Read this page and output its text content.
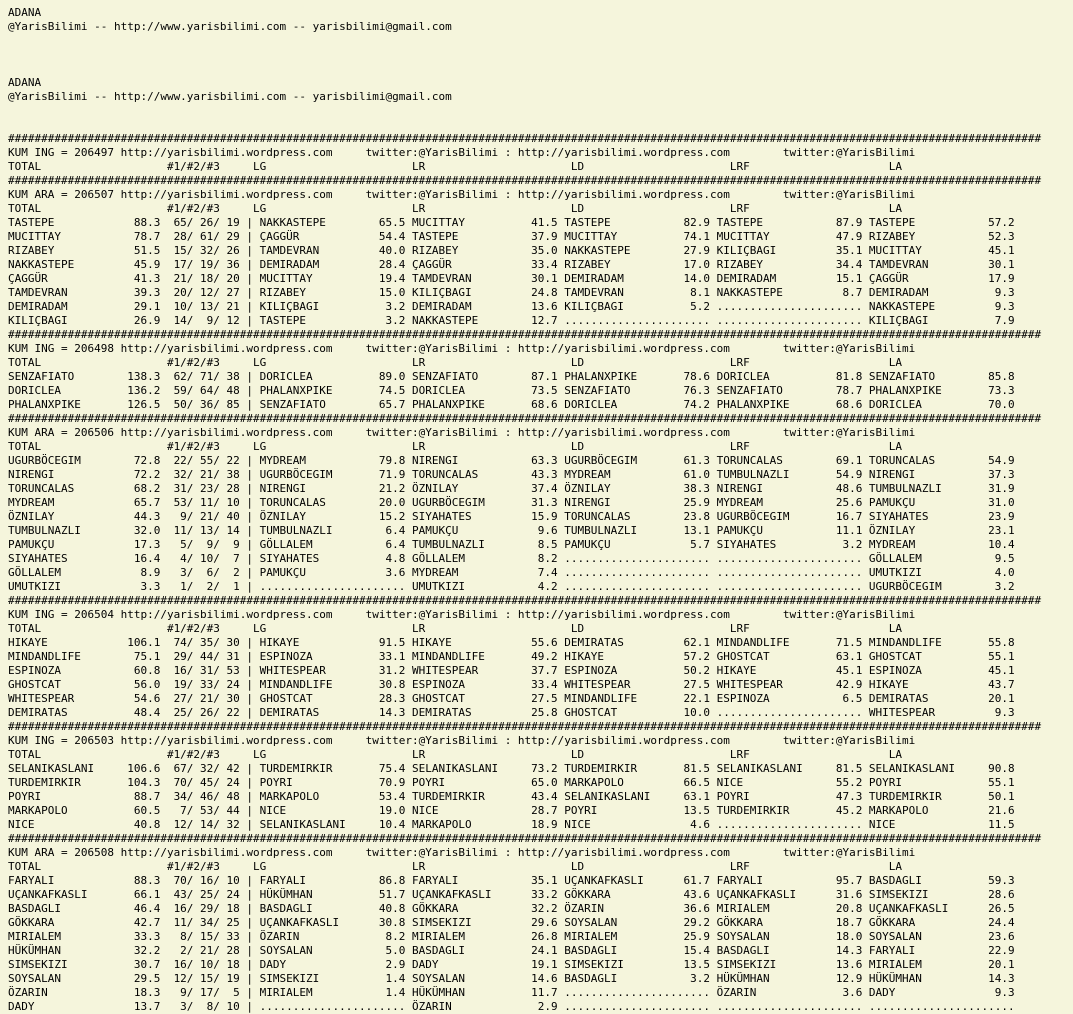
ADANA
@YarisBilimi -- http://www.yarisbilimi.com -- yarisbilimi@gmail.com
ADANA
@YarisBilimi -- http://www.yarisbilimi.com -- yarisbilimi@gmail.com
############################################################################################################################################################
KUM ING = 206497 http://yarisbilimi.wordpress.com     twitter:@YarisBilimi : http://yarisbilimi.wordpress.com        twitter:@YarisBilimi
TOTAL                   #1/#2/#3     LG                      LR                      LD                      LRF                     LA
############################################################################################################################################################
KUM ARA = 206507 http://yarisbilimi.wordpress.com     twitter:@YarisBilimi : http://yarisbilimi.wordpress.com        twitter:@YarisBilimi
TOTAL                   #1/#2/#3     LG                      LR                      LD                      LRF                     LA
TASTEPE            88.3  65/ 26/ 19 | NAKKASTEPE        65.5 MUCITTAY          41.5 TASTEPE           82.9 TASTEPE           87.9 TASTEPE           57.2
MUCITTAY           78.7  28/ 61/ 29 | ÇAGGÜR            54.4 TASTEPE           37.9 MUCITTAY          74.1 MUCITTAY          47.9 RIZABEY           52.3
RIZABEY            51.5  15/ 32/ 26 | TAMDEVRAN         40.0 RIZABEY           35.0 NAKKASTEPE        27.9 KILIÇBAGI         35.1 MUCITTAY          45.1
NAKKASTEPE         45.9  17/ 19/ 36 | DEMIRADAM         28.4 ÇAGGÜR            33.4 RIZABEY           17.0 RIZABEY           34.4 TAMDEVRAN         30.1
ÇAGGÜR             41.3  21/ 18/ 20 | MUCITTAY          19.4 TAMDEVRAN         30.1 DEMIRADAM         14.0 DEMIRADAM         15.1 ÇAGGÜR            17.9
TAMDEVRAN          39.3  20/ 12/ 27 | RIZABEY           15.0 KILIÇBAGI         24.8 TAMDEVRAN          8.1 NAKKASTEPE         8.7 DEMIRADAM          9.3
DEMIRADAM          29.1  10/ 13/ 21 | KILIÇBAGI          3.2 DEMIRADAM         13.6 KILIÇBAGI          5.2 ...................... NAKKASTEPE         9.3
KILIÇBAGI          26.9  14/  9/ 12 | TASTEPE            3.2 NAKKASTEPE        12.7 ...................... ...................... KILIÇBAGI          7.9
############################################################################################################################################################
KUM ING = 206498 http://yarisbilimi.wordpress.com     twitter:@YarisBilimi : http://yarisbilimi.wordpress.com        twitter:@YarisBilimi
TOTAL                   #1/#2/#3     LG                      LR                      LD                      LRF                     LA
SENZAFIATO        138.3  62/ 71/ 38 | DORICLEA          89.0 SENZAFIATO        87.1 PHALANXPIKE       78.6 DORICLEA          81.8 SENZAFIATO        85.8
DORICLEA          136.2  59/ 64/ 48 | PHALANXPIKE       74.5 DORICLEA          73.5 SENZAFIATO        76.3 SENZAFIATO        78.7 PHALANXPIKE       73.3
PHALANXPIKE       126.5  50/ 36/ 85 | SENZAFIATO        65.7 PHALANXPIKE       68.6 DORICLEA          74.2 PHALANXPIKE       68.6 DORICLEA          70.0
############################################################################################################################################################
KUM ARA = 206506 http://yarisbilimi.wordpress.com     twitter:@YarisBilimi : http://yarisbilimi.wordpress.com        twitter:@YarisBilimi
TOTAL                   #1/#2/#3     LG                      LR                      LD                      LRF                     LA
UGURBÖCEGIM        72.8  22/ 55/ 22 | MYDREAM           79.8 NIRENGI           63.3 UGURBÖCEGIM       61.3 TORUNCALAS        69.1 TORUNCALAS        54.9
NIRENGI            72.2  32/ 21/ 38 | UGURBÖCEGIM       71.9 TORUNCALAS        43.3 MYDREAM           61.0 TUMBULNAZLI       54.9 NIRENGI           37.3
TORUNCALAS         68.2  31/ 23/ 28 | NIRENGI           21.2 ÖZNILAY           37.4 ÖZNILAY           38.3 NIRENGI           48.6 TUMBULNAZLI       31.9
MYDREAM            65.7  53/ 11/ 10 | TORUNCALAS        20.0 UGURBÖCEGIM       31.3 NIRENGI           25.9 MYDREAM           25.6 PAMUKÇU           31.0
ÖZNILAY            44.3   9/ 21/ 40 | ÖZNILAY           15.2 SIYAHATES         15.9 TORUNCALAS        23.8 UGURBÖCEGIM       16.7 SIYAHATES         23.9
TUMBULNAZLI        32.0  11/ 13/ 14 | TUMBULNAZLI        6.4 PAMUKÇU            9.6 TUMBULNAZLI       13.1 PAMUKÇU           11.1 ÖZNILAY           23.1
PAMUKÇU            17.3   5/  9/  9 | GÖLLALEM           6.4 TUMBULNAZLI        8.5 PAMUKÇU            5.7 SIYAHATES          3.2 MYDREAM           10.4
SIYAHATES          16.4   4/ 10/  7 | SIYAHATES          4.8 GÖLLALEM           8.2 ...................... ...................... GÖLLALEM           9.5
GÖLLALEM            8.9   3/  6/  2 | PAMUKÇU            3.6 MYDREAM            7.4 ...................... ...................... UMUTKIZI           4.0
UMUTKIZI            3.3   1/  2/  1 | ...................... UMUTKIZI           4.2 ...................... ...................... UGURBÖCEGIM        3.2
############################################################################################################################################################
KUM ING = 206504 http://yarisbilimi.wordpress.com     twitter:@YarisBilimi : http://yarisbilimi.wordpress.com        twitter:@YarisBilimi
TOTAL                   #1/#2/#3     LG                      LR                      LD                      LRF                     LA
HIKAYE            106.1  74/ 35/ 30 | HIKAYE            91.5 HIKAYE            55.6 DEMIRATAS         62.1 MINDANDLIFE       71.5 MINDANDLIFE       55.8
MINDANDLIFE        75.1  29/ 44/ 31 | ESPINOZA          33.1 MINDANDLIFE       49.2 HIKAYE            57.2 GHOSTCAT          63.1 GHOSTCAT          55.1
ESPINOZA           60.8  16/ 31/ 53 | WHITESPEAR        31.2 WHITESPEAR        37.7 ESPINOZA          50.2 HIKAYE            45.1 ESPINOZA          45.1
GHOSTCAT           56.0  19/ 33/ 24 | MINDANDLIFE       30.8 ESPINOZA          33.4 WHITESPEAR        27.5 WHITESPEAR        42.9 HIKAYE            43.7
WHITESPEAR         54.6  27/ 21/ 30 | GHOSTCAT          28.3 GHOSTCAT          27.5 MINDANDLIFE       22.1 ESPINOZA           6.5 DEMIRATAS         20.1
DEMIRATAS          48.4  25/ 26/ 22 | DEMIRATAS         14.3 DEMIRATAS         25.8 GHOSTCAT          10.0 ...................... WHITESPEAR         9.3
############################################################################################################################################################
KUM ING = 206503 http://yarisbilimi.wordpress.com     twitter:@YarisBilimi : http://yarisbilimi.wordpress.com        twitter:@YarisBilimi
TOTAL                   #1/#2/#3     LG                      LR                      LD                      LRF                     LA
SELANIKASLANI     106.6  67/ 32/ 42 | TURDEMIRKIR       75.4 SELANIKASLANI     73.2 TURDEMIRKIR       81.5 SELANIKASLANI     81.5 SELANIKASLANI     90.8
TURDEMIRKIR       104.3  70/ 45/ 24 | POYRI             70.9 POYRI             65.0 MARKAPOLO         66.5 NICE              55.2 POYRI             55.1
POYRI              88.7  34/ 46/ 48 | MARKAPOLO         53.4 TURDEMIRKIR       43.4 SELANIKASLANI     63.1 POYRI             47.3 TURDEMIRKIR       50.1
MARKAPOLO          60.5   7/ 53/ 44 | NICE              19.0 NICE              28.7 POYRI             13.5 TURDEMIRKIR       45.2 MARKAPOLO         21.6
NICE               40.8  12/ 14/ 32 | SELANIKASLANI     10.4 MARKAPOLO         18.9 NICE               4.6 ...................... NICE              11.5
############################################################################################################################################################
KUM ARA = 206508 http://yarisbilimi.wordpress.com     twitter:@YarisBilimi : http://yarisbilimi.wordpress.com        twitter:@YarisBilimi
TOTAL                   #1/#2/#3     LG                      LR                      LD                      LRF                     LA
FARYALI            88.3  70/ 16/ 10 | FARYALI           86.8 FARYALI           35.1 UÇANKAFKASLI      61.7 FARYALI           95.7 BASDAGLI          59.3
UÇANKAFKASLI       66.1  43/ 25/ 24 | HÜKÜMHAN          51.7 UÇANKAFKASLI      33.2 GÖKKARA           43.6 UÇANKAFKASLI      31.6 SIMSEKIZI         28.6
BASDAGLI           46.4  16/ 29/ 18 | BASDAGLI          40.8 GÖKKARA           32.2 ÖZARIN            36.6 MIRIALEM          20.8 UÇANKAFKASLI      26.5
GÖKKARA            42.7  11/ 34/ 25 | UÇANKAFKASLI      30.8 SIMSEKIZI         29.6 SOYSALAN          29.2 GÖKKARA           18.7 GÖKKARA           24.4
MIRIALEM           33.3   8/ 15/ 33 | ÖZARIN             8.2 MIRIALEM          26.8 MIRIALEM          25.9 SOYSALAN          18.0 SOYSALAN          23.6
HÜKÜMHAN           32.2   2/ 21/ 28 | SOYSALAN           5.0 BASDAGLI          24.1 BASDAGLI          15.4 BASDAGLI          14.3 FARYALI           22.9
SIMSEKIZI          30.7  16/ 10/ 18 | DADY               2.9 DADY              19.1 SIMSEKIZI         13.5 SIMSEKIZI         13.6 MIRIALEM          20.1
SOYSALAN           29.5  12/ 15/ 19 | SIMSEKIZI          1.4 SOYSALAN          14.6 BASDAGLI           3.2 HÜKÜMHAN          12.9 HÜKÜMHAN          14.3
ÖZARIN             18.3   9/ 17/  5 | MIRIALEM           1.4 HÜKÜMHAN          11.7 ...................... ÖZARIN             3.6 DADY               9.3
DADY               13.7   3/  8/ 10 | ...................... ÖZARIN             2.9 ...................... ...................... ......................
